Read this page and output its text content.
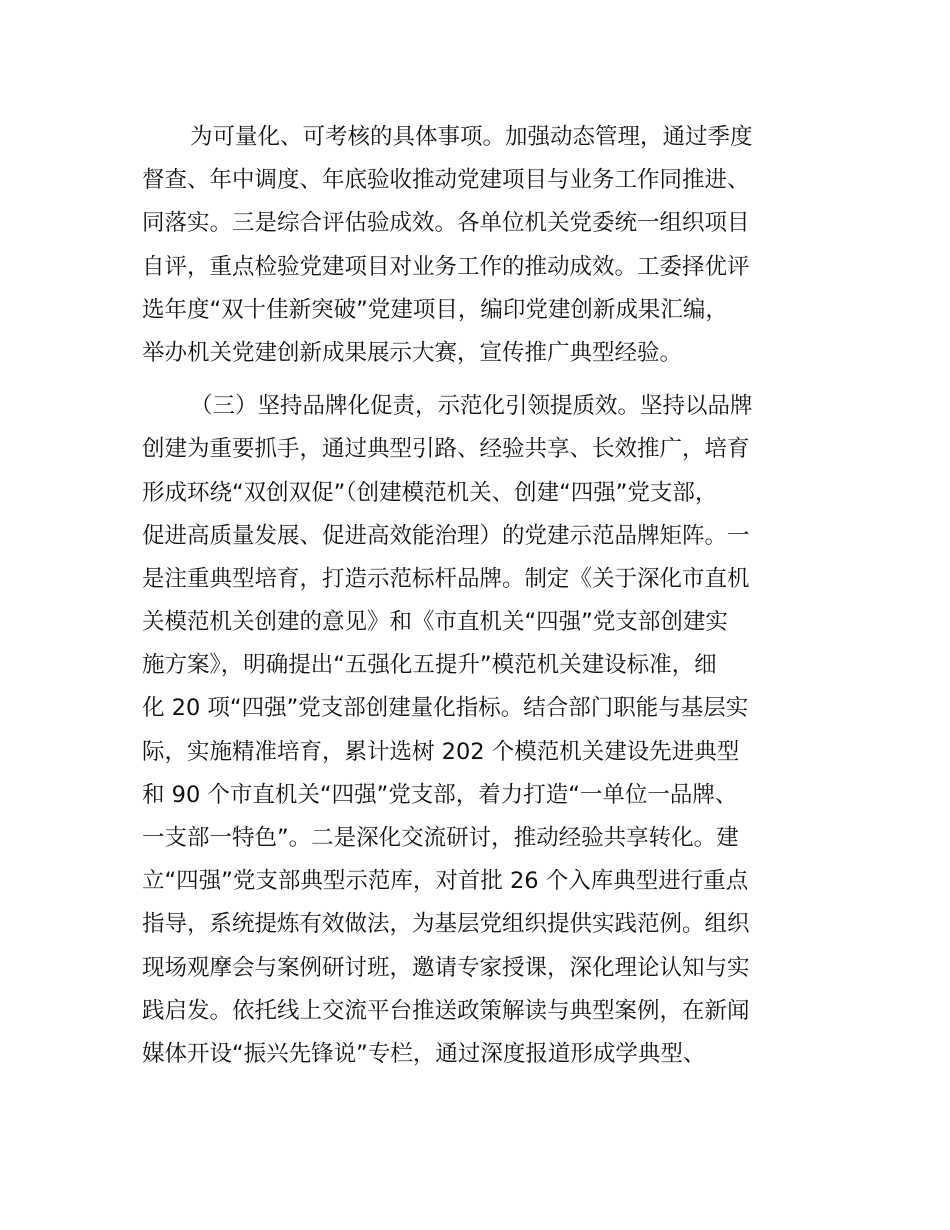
为可量化、可考核的具体事项。加强动态管理，通过季度
督查、年中调度、年底验收推动党建项目与业务工作同推进、
同落实。三是综合评估验成效。各单位机关党委统一组织项目
自评，重点检验党建项目对业务工作的推动成效。工委择优评
选年度“双十佳新突破”党建项目，编印党建创新成果汇编，
举办机关党建创新成果展示大赛，宣传推广典型经验。
（三）坚持品牌化促责，示范化引领提质效。坚持以品牌
创建为重要抓手，通过典型引路、经验共享、长效推广，培育
形成环绕“双创双促”（创建模范机关、创建“四强”党支部，
促进高质量发展、促进高效能治理）的党建示范品牌矩阵。一
是注重典型培育，打造示范标杆品牌。制定《关于深化市直机
关模范机关创建的意见》和《市直机关“四强”党支部创建实
施方案》，明确提出“五强化五提升”模范机关建设标准，细
化 20 项“四强”党支部创建量化指标。结合部门职能与基层实
际，实施精准培育，累计选树 202 个模范机关建设先进典型
和 90 个市直机关“四强”党支部，着力打造“一单位一品牌、
一支部一特色”。二是深化交流研讨，推动经验共享转化。建
立“四强”党支部典型示范库，对首批 26 个入库典型进行重点
指导，系统提炼有效做法，为基层党组织提供实践范例。组织
现场观摩会与案例研讨班，邀请专家授课，深化理论认知与实
践启发。依托线上交流平台推送政策解读与典型案例，在新闻
媒体开设“振兴先锋说”专栏，通过深度报道形成学典型、
